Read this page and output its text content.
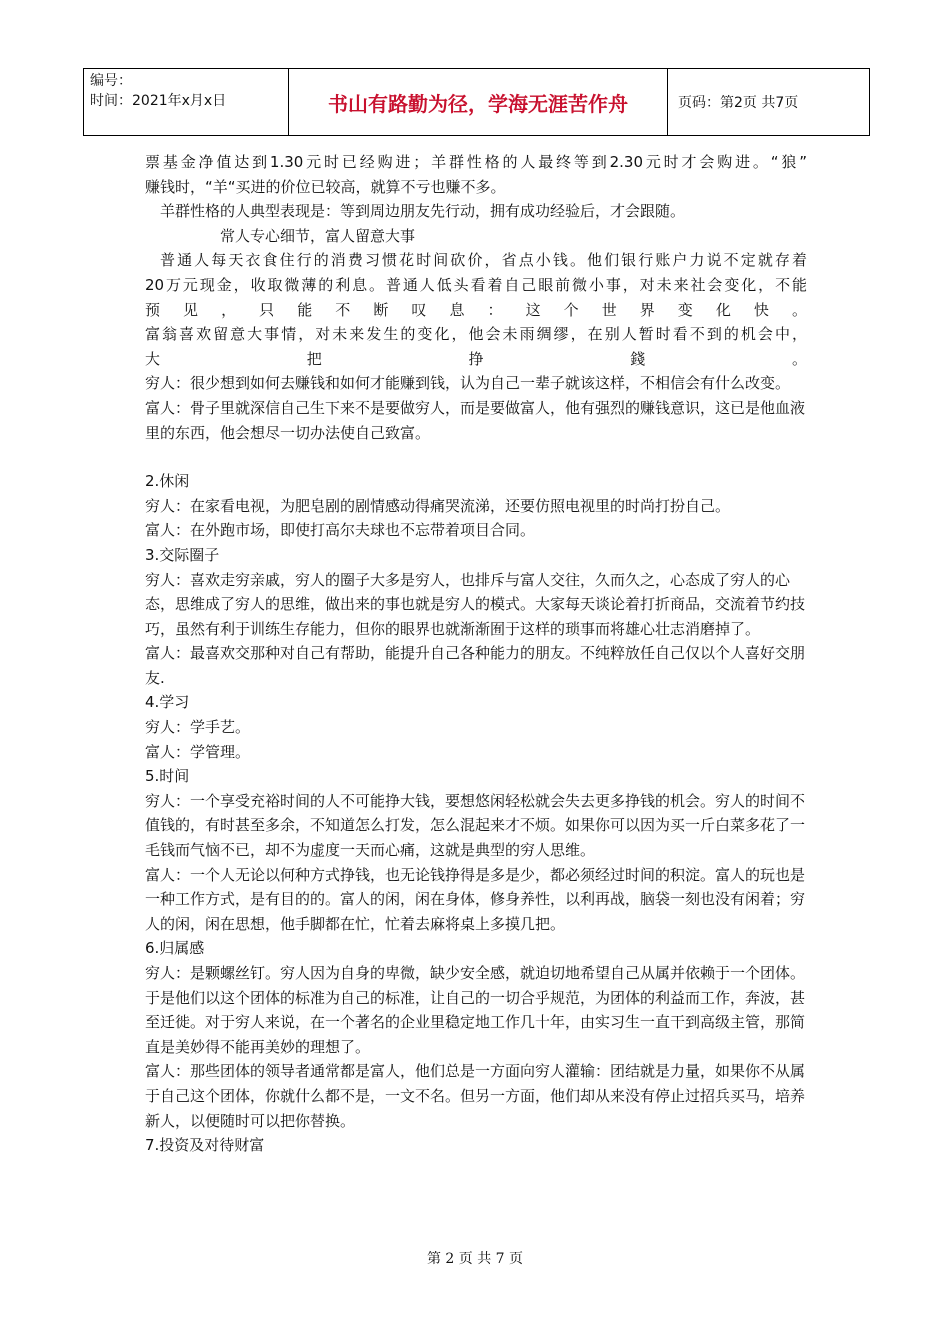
编号：
时间：2021年x月x日	书山有路勤为径，学海无涯苦作舟	页码：第2页 共7页

票基金净值达到1.30元时已经购进；羊群性格的人最终等到2.30元时才会购进。“狼”

赚钱时，“羊“买进的价位已较高，就算不亏也赚不多。

羊群性格的人典型表现是：等到周边朋友先行动，拥有成功经验后，才会跟随。

常人专心细节，富人留意大事

普通人每天衣食住行的消费习惯花时间砍价，省点小钱。他们银行账户力说不定就存着

20万元现金，收取微薄的利息。普通人低头看着自己眼前微小事，对未来社会变化，不能

预见，只能不断叹息：这个世界变化快。

富翁喜欢留意大事情，对未来发生的变化，他会未雨绸缪，在别人暂时看不到的机会中，

大把挣錢。

穷人：很少想到如何去赚钱和如何才能赚到钱，认为自己一辈子就该这样，不相信会有什么改变。

富人：骨子里就深信自己生下来不是要做穷人，而是要做富人，他有强烈的赚钱意识，这已是他血液里的东西，他会想尽一切办法使自己致富。

2.休闲

穷人：在家看电视，为肥皂剧的剧情感动得痛哭流涕，还要仿照电视里的时尚打扮自己。

富人：在外跑市场，即使打高尔夫球也不忘带着项目合同。

3.交际圈子

穷人：喜欢走穷亲戚，穷人的圈子大多是穷人，也排斥与富人交往，久而久之，心态成了穷人的心态，思维成了穷人的思维，做出来的事也就是穷人的模式。大家每天谈论着打折商品，交流着节约技巧，虽然有利于训练生存能力，但你的眼界也就渐渐囿于这样的琐事而将雄心壮志消磨掉了。

富人：最喜欢交那种对自己有帮助，能提升自己各种能力的朋友。不纯粹放任自己仅以个人喜好交朋友.

4.学习

穷人：学手艺。

富人：学管理。

5.时间

穷人：一个享受充裕时间的人不可能挣大钱，要想悠闲轻松就会失去更多挣钱的机会。穷人的时间不值钱的，有时甚至多余，不知道怎么打发，怎么混起来才不烦。如果你可以因为买一斤白菜多花了一毛钱而气恼不已，却不为虚度一天而心痛，这就是典型的穷人思维。

富人：一个人无论以何种方式挣钱，也无论钱挣得是多是少，都必须经过时间的积淀。富人的玩也是一种工作方式，是有目的的。富人的闲，闲在身体，修身养性，以利再战，脑袋一刻也没有闲着；穷人的闲，闲在思想，他手脚都在忙，忙着去麻将桌上多摸几把。

6.归属感

穷人：是颗螺丝钉。穷人因为自身的卑微，缺少安全感，就迫切地希望自己从属并依赖于一个团体。于是他们以这个团体的标准为自己的标准，让自己的一切合乎规范，为团体的利益而工作，奔波，甚至迁徙。对于穷人来说，在一个著名的企业里稳定地工作几十年，由实习生一直干到高级主管，那简直是美妙得不能再美妙的理想了。

富人：那些团体的领导者通常都是富人，他们总是一方面向穷人灌输：团结就是力量，如果你不从属于自己这个团体，你就什么都不是，一文不名。但另一方面，他们却从来没有停止过招兵买马，培养新人，以便随时可以把你替换。

7.投资及对待财富

第 2 页 共 7 页
